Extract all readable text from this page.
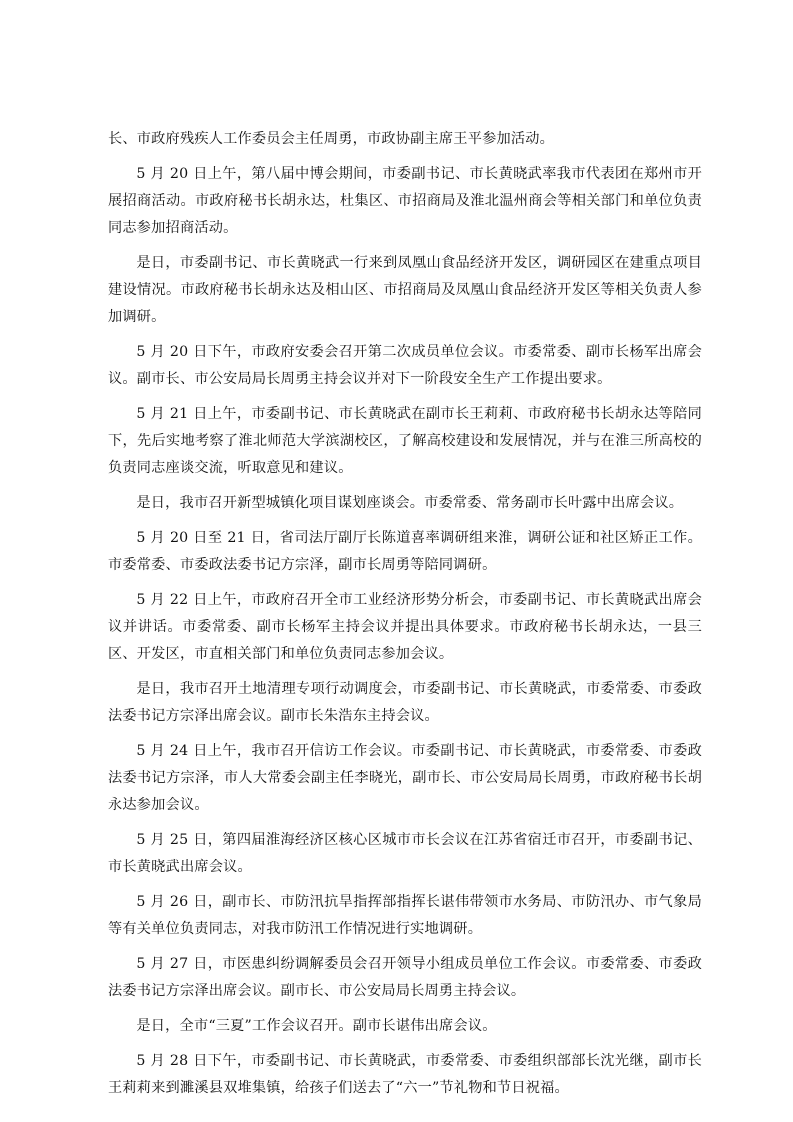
长、市政府残疾人工作委员会主任周勇，市政协副主席王平参加活动。

5 月 20 日上午，第八届中博会期间，市委副书记、市长黄晓武率我市代表团在郑州市开展招商活动。市政府秘书长胡永达，杜集区、市招商局及淮北温州商会等相关部门和单位负责同志参加招商活动。

是日，市委副书记、市长黄晓武一行来到凤凰山食品经济开发区，调研园区在建重点项目建设情况。市政府秘书长胡永达及相山区、市招商局及凤凰山食品经济开发区等相关负责人参加调研。

5 月 20 日下午，市政府安委会召开第二次成员单位会议。市委常委、副市长杨军出席会议。副市长、市公安局局长周勇主持会议并对下一阶段安全生产工作提出要求。

5 月 21 日上午，市委副书记、市长黄晓武在副市长王莉莉、市政府秘书长胡永达等陪同下，先后实地考察了淮北师范大学滨湖校区，了解高校建设和发展情况，并与在淮三所高校的负责同志座谈交流，听取意见和建议。

是日，我市召开新型城镇化项目谋划座谈会。市委常委、常务副市长叶露中出席会议。

5 月 20 日至 21 日，省司法厅副厅长陈道喜率调研组来淮，调研公证和社区矫正工作。市委常委、市委政法委书记方宗泽，副市长周勇等陪同调研。

5 月 22 日上午，市政府召开全市工业经济形势分析会，市委副书记、市长黄晓武出席会议并讲话。市委常委、副市长杨军主持会议并提出具体要求。市政府秘书长胡永达，一县三区、开发区，市直相关部门和单位负责同志参加会议。

是日，我市召开土地清理专项行动调度会，市委副书记、市长黄晓武，市委常委、市委政法委书记方宗泽出席会议。副市长朱浩东主持会议。

5 月 24 日上午，我市召开信访工作会议。市委副书记、市长黄晓武，市委常委、市委政法委书记方宗泽，市人大常委会副主任李晓光，副市长、市公安局局长周勇，市政府秘书长胡永达参加会议。

5 月 25 日，第四届淮海经济区核心区城市市长会议在江苏省宿迁市召开，市委副书记、市长黄晓武出席会议。

5 月 26 日，副市长、市防汛抗旱指挥部指挥长谌伟带领市水务局、市防汛办、市气象局等有关单位负责同志，对我市防汛工作情况进行实地调研。

5 月 27 日，市医患纠纷调解委员会召开领导小组成员单位工作会议。市委常委、市委政法委书记方宗泽出席会议。副市长、市公安局局长周勇主持会议。

是日，全市“三夏”工作会议召开。副市长谌伟出席会议。

5 月 28 日下午，市委副书记、市长黄晓武，市委常委、市委组织部部长沈光继，副市长王莉莉来到濉溪县双堆集镇，给孩子们送去了“六一”节礼物和节日祝福。
